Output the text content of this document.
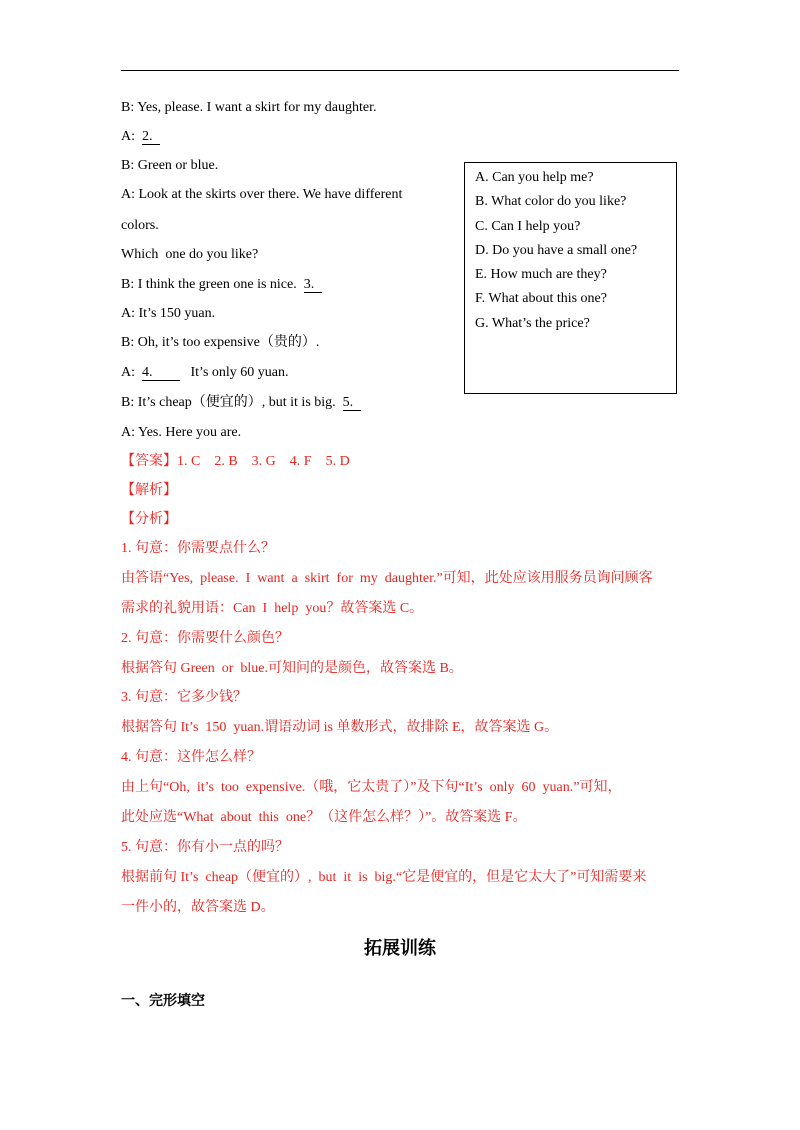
B: Yes, please. I want a skirt for my daughter.
A: 2.
B: Green or blue.
A: Look at the skirts over there. We have different
colors.
Which  one do you like?
B: I think the green one is nice. 3.
A: It’s 150 yuan.
B: Oh, it’s too expensive（贵的）.
A: 4.	It’s only 60 yuan.
B: It’s cheap（便宜的）, but it is big. 5.
A: Yes. Here you are.
A. Can you help me?
B. What color do you like?
C. Can I help you?
D. Do you have a small one?
E. How much are they?
F. What about this one?
G. What’s the price?
【答案】1. C    2. B    3. G    4. F    5. D
【解析】
【分析】
1. 句意：你需要点什么？
由答语“Yes,  please.  I  want  a  skirt  for  my  daughter.”可知，此处应该用服务员询问顾客
需求的礼貌用语：Can  I  help  you？故答案选 C。
2. 句意：你需要什么颜色？
根据答句 Green  or  blue.可知问的是颜色，故答案选 B。
3. 句意：它多少钱？
根据答句 It’s  150  yuan.谓语动词 is 单数形式，故排除 E，故答案选 G。
4. 句意：这件怎么样？
由上句“Oh,  it’s  too  expensive.（哦，它太贵了）”及下句“It’s  only  60  yuan.”可知，
此处应选“What  about  this  one？（这件怎么样？）”。故答案选 F。
5. 句意：你有小一点的吗？
根据前句 It’s  cheap（便宜的）,  but  it  is  big.“它是便宜的，但是它太大了”可知需要来
一件小的，故答案选 D。
拓展训练
一、完形填空
